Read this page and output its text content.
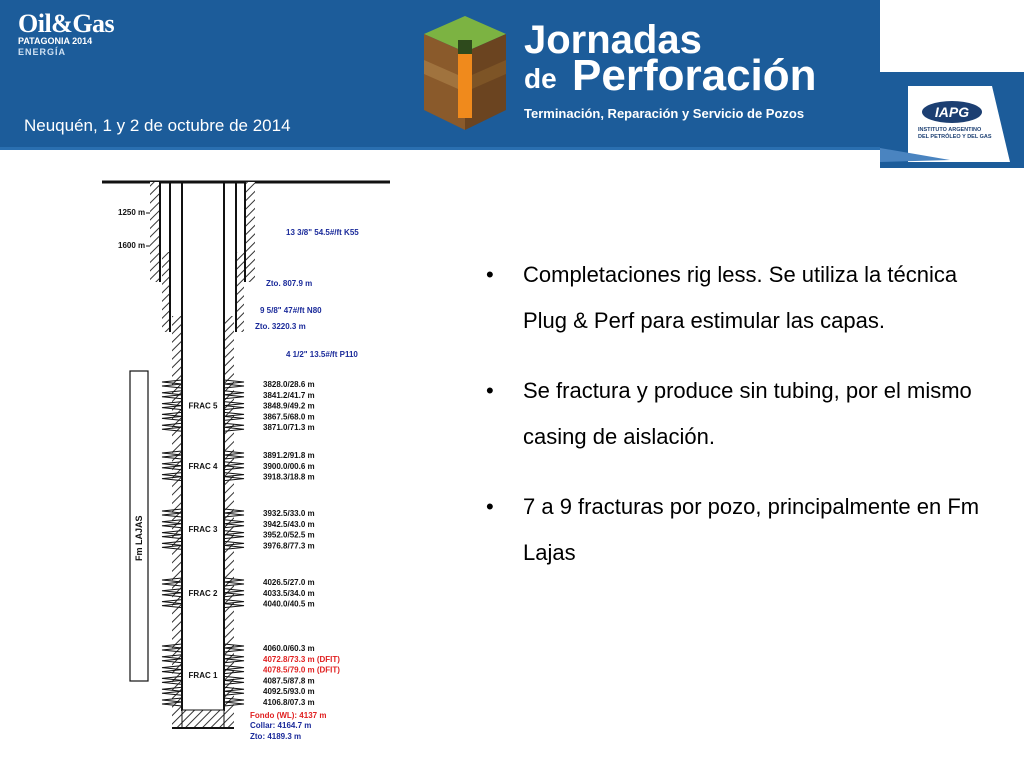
Oil&Gas
PATAGONIA 2014
ENERGÍA	Jornadas
de Perforación
Terminación, Reparación y Servicio de Pozos
Neuquén, 1 y 2 de octubre de 2014
IAPG
INSTITUTO ARGENTINO
DEL PETRÓLEO Y DEL GAS
1250 m
1600 m
13 3/8" 54.5#/ft K55
Zto. 807.9 m
9 5/8" 47#/ft N80
Zto. 3220.3 m
4 1/2" 13.5#/ft P110
Fm LAJAS
3828.0/28.6 m
3841.2/41.7 m
3848.9/49.2 m
3867.5/68.0 m
3871.0/71.3 m
FRAC 5
3891.2/91.8 m
3900.0/00.6 m
3918.3/18.8 m
FRAC 4
3932.5/33.0 m
3942.5/43.0 m
3952.0/52.5 m
3976.8/77.3 m
FRAC 3
4026.5/27.0 m
4033.5/34.0 m
4040.0/40.5 m
FRAC 2
4060.0/60.3 m
4072.8/73.3 m (DFIT)
4078.5/79.0 m (DFIT)
4087.5/87.8 m
4092.5/93.0 m
4106.8/07.3 m
FRAC 1
Fondo (WL): 4137 m
Collar: 4164.7 m
Zto: 4189.3 m
• Completaciones rig less. Se utiliza la técnica Plug & Perf para estimular las capas.
• Se fractura y produce sin tubing, por el mismo casing de aislación.
• 7 a 9 fracturas por pozo, principalmente en Fm Lajas
